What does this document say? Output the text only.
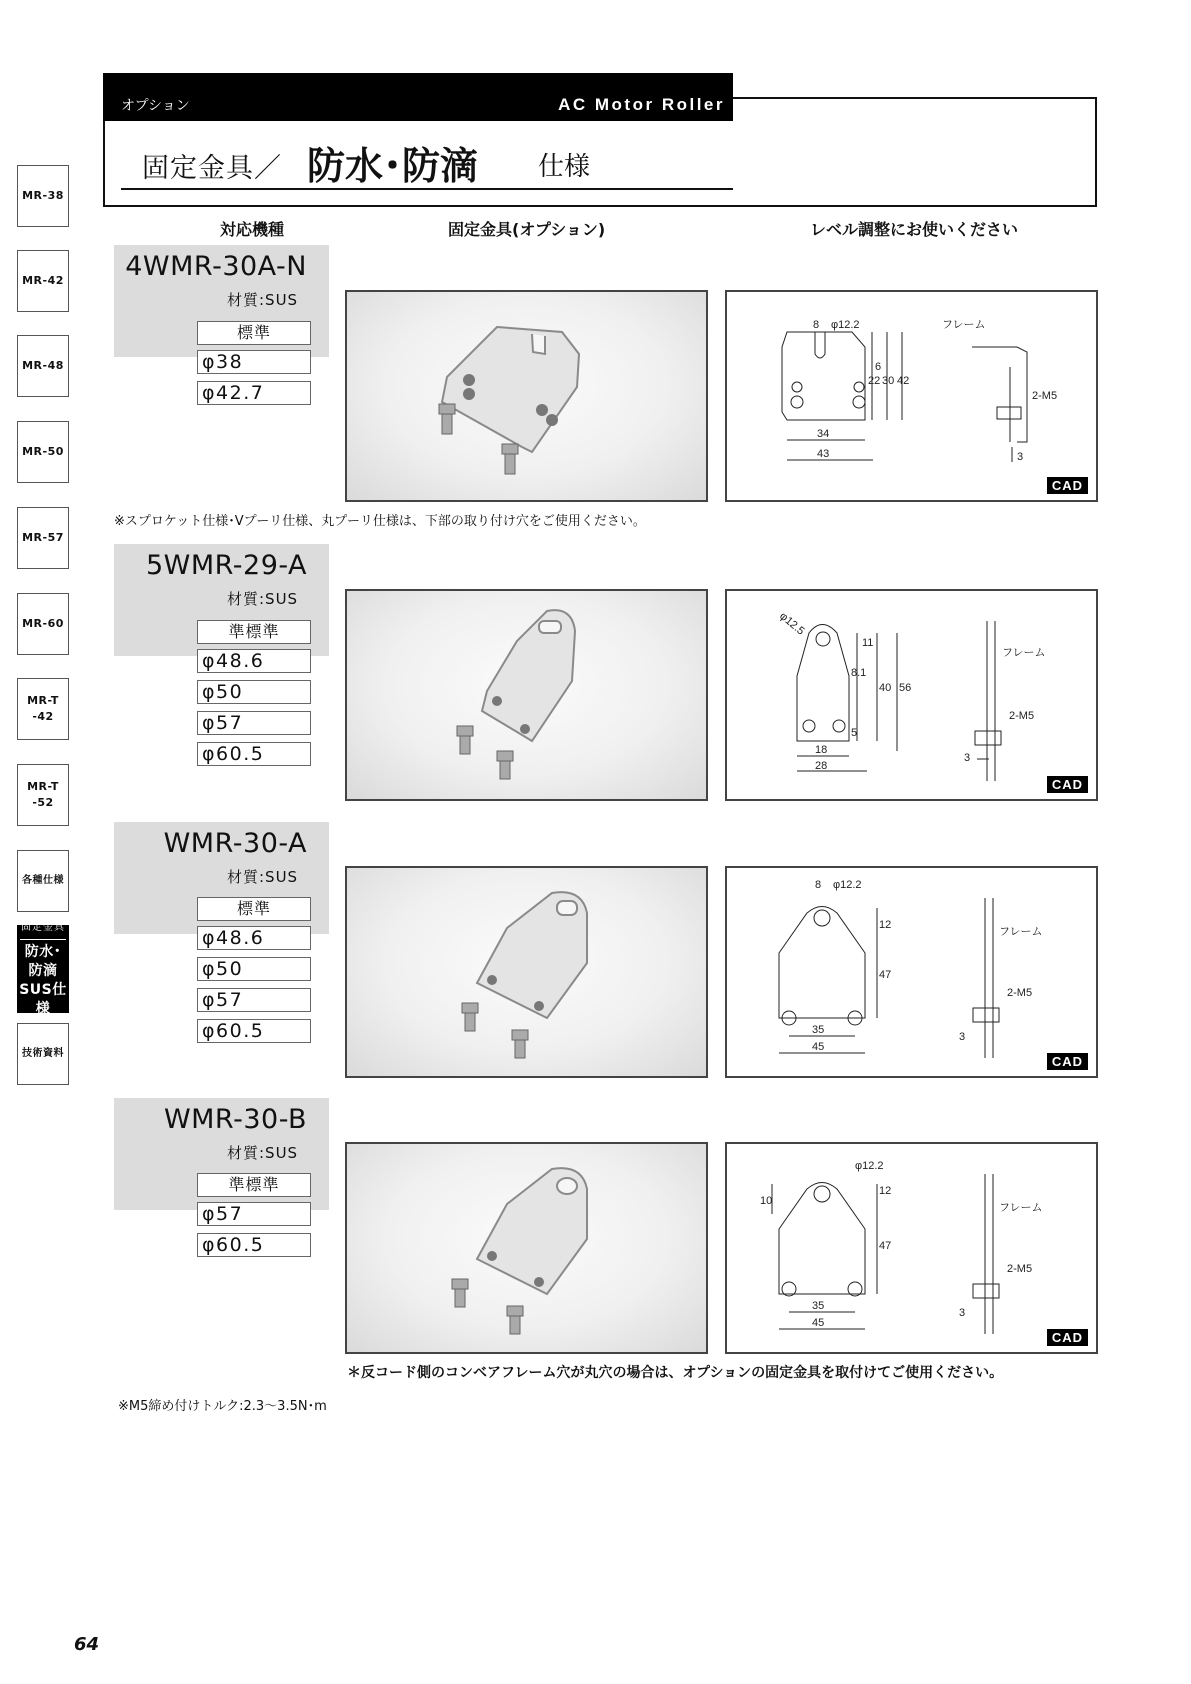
MR-38
MR-42
MR-48
MR-50
MR-57
MR-60
MR-T
-42
MR-T
-52
各種仕様
固定金具
防水･防滴
SUS仕様
技術資料
オプション	AC Motor Roller
固定金具／ 防水･防滴 仕様
対応機種	固定金具(オプション)	レベル調整にお使いください
4WMR-30A-N
材質:SUS
標準
φ38
φ42.7
8 φ12.2
6
22 30 42
34
43
フレーム
2-M5
3
CAD
※スプロケット仕様･Vプーリ仕様、丸プーリ仕様は、下部の取り付け穴をご使用ください。
5WMR-29-A
材質:SUS
準標準
φ48.6
φ50
φ57
φ60.5
φ12.5
11
8.1
40 56
5
18
28
フレーム
2-M5
3
CAD
WMR-30-A
材質:SUS
標準
φ48.6
φ50
φ57
φ60.5
8 φ12.2
12
47
35
45
フレーム
2-M5
3
CAD
WMR-30-B
材質:SUS
準標準
φ57
φ60.5
φ12.2
10
12
47
35
45
フレーム
2-M5
3
CAD
＊反コード側のコンベアフレーム穴が丸穴の場合は、オプションの固定金具を取付けてご使用ください。
※M5締め付けトルク:2.3～3.5N･m
64
